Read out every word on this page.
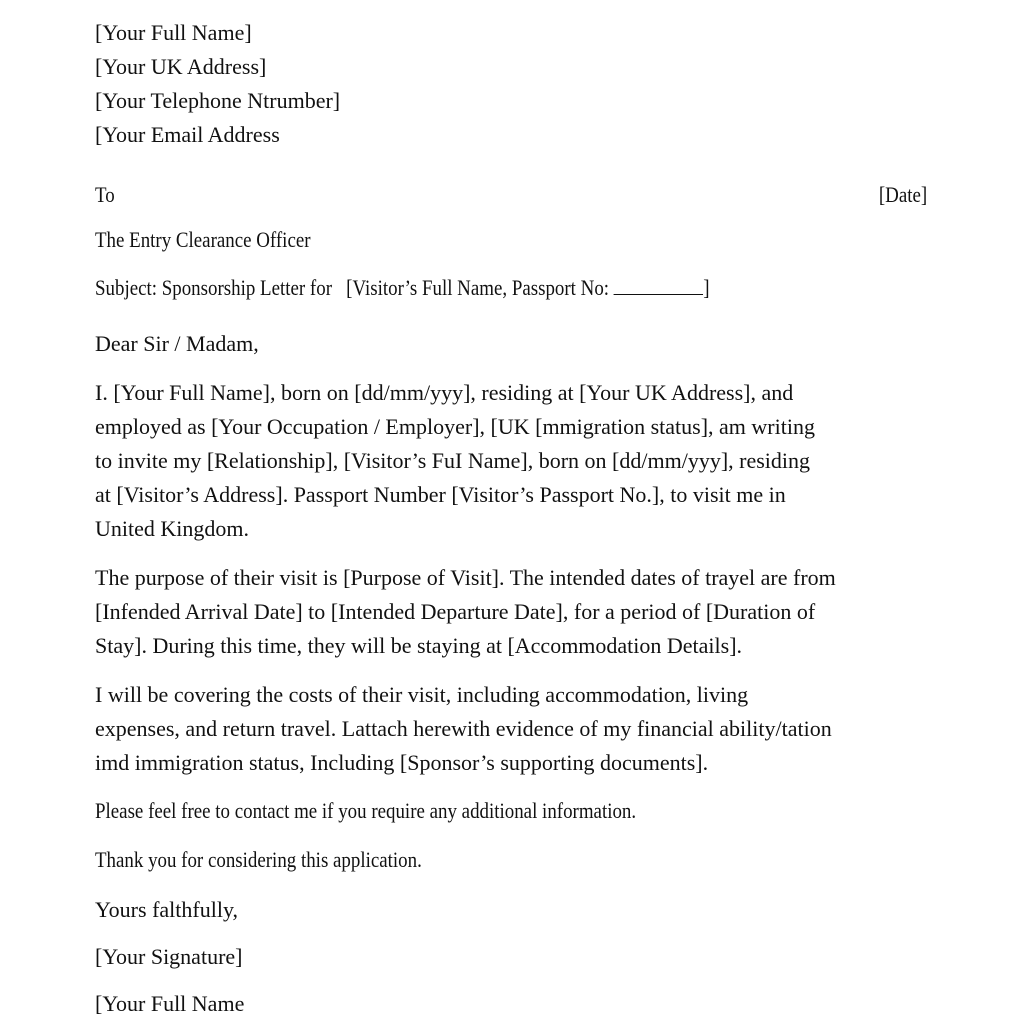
[Your Full Name]
[Your UK Address]
[Your Telephone Ntrumber]
[Your Email Address
To	[Date]
The Entry Clearance Officer
Subject: Sponsorship Letter for [Visitor’s Full Name, Passport No:	]
Dear Sir / Madam,
I. [Your Full Name], born on [dd/mm/yyy], residing at [Your UK Address], and
employed as [Your Occupation / Employer], [UK [mmigration status], am writing
to invite my [Relationship], [Visitor’s FuI Name], born on [dd/mm/yyy], residing
at [Visitor’s Address]. Passport Number [Visitor’s Passport No.], to visit me in
United Kingdom.
The purpose of their visit is [Purpose of Visit]. The intended dates of trayel are from
[Infended Arrival Date] to [Intended Departure Date], for a period of [Duration of
Stay]. During this time, they will be staying at [Accommodation Details].
I will be covering the costs of their visit, including accommodation, living
expenses, and return travel. Lattach herewith evidence of my financial ability/tation
imd immigration status, Including [Sponsor’s supporting documents].
Please feel free to contact me if you require any additional information.
Thank you for considering this application.
Yours falthfully,
[Your Signature]
[Your Full Name
